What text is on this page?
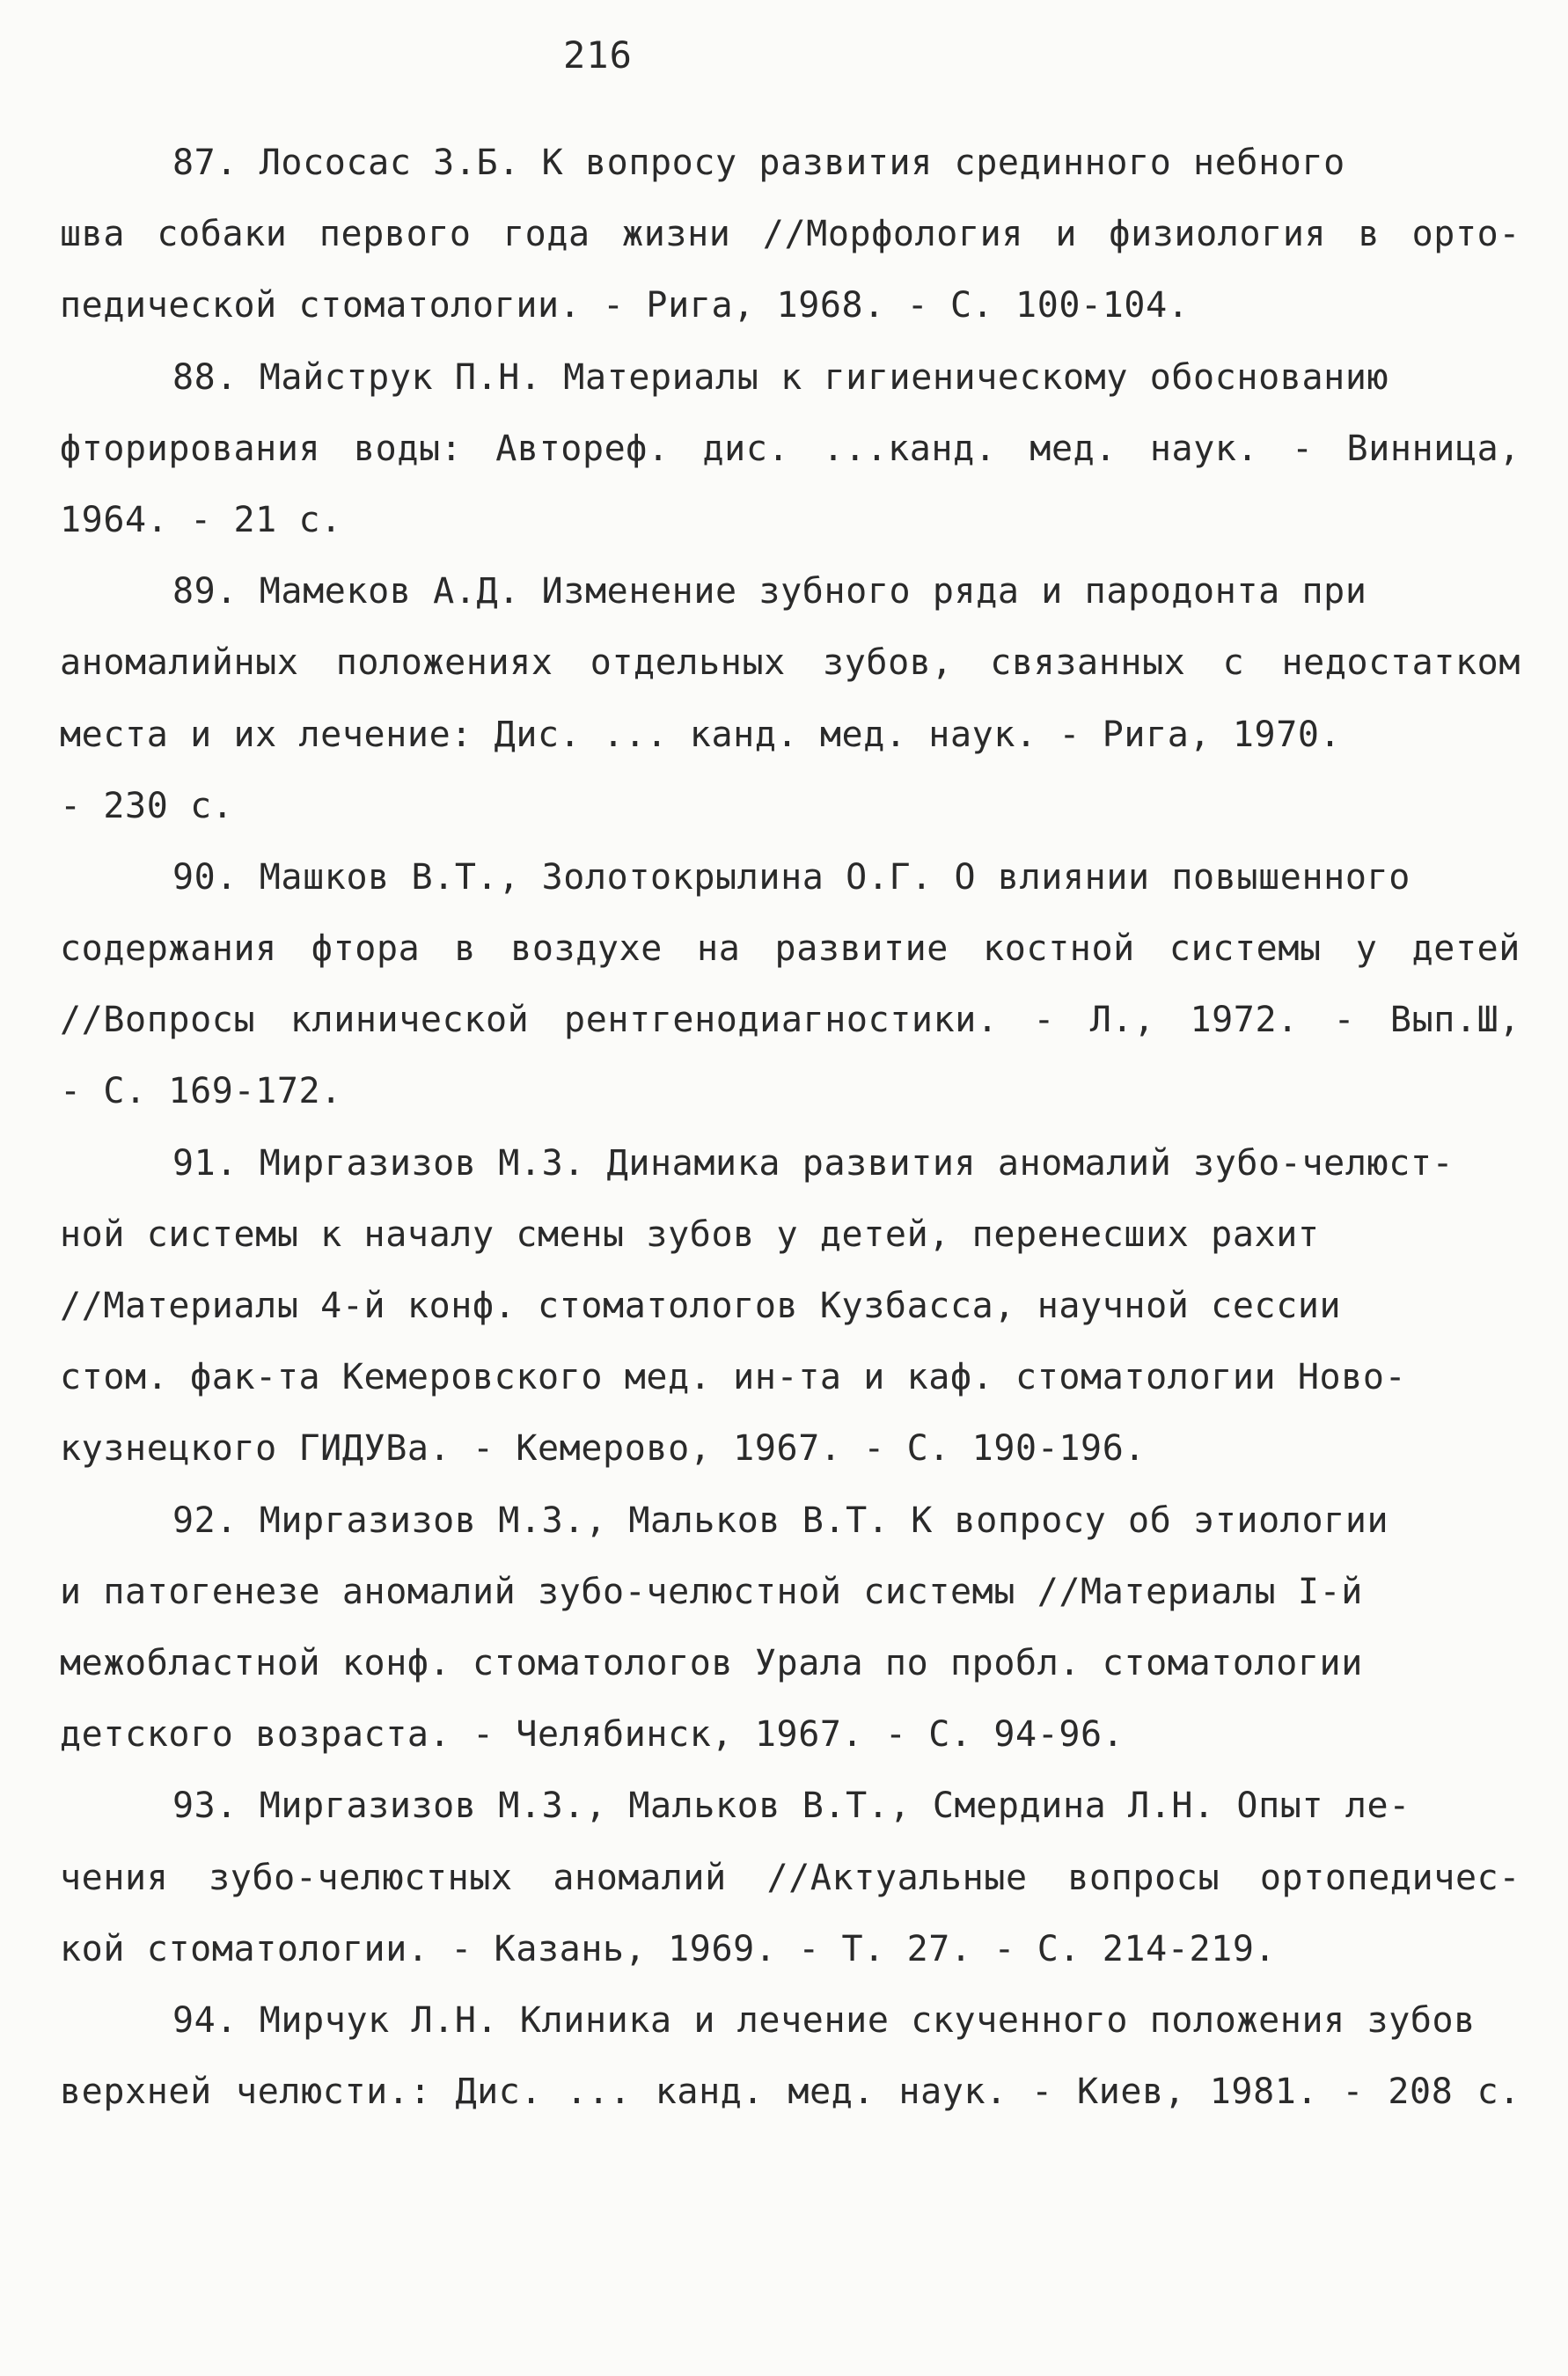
216
87. Лососас З.Б. К вопросу развития срединного небного
шва собаки первого года жизни //Морфология и физиология в орто-
педической стоматологии. - Рига, 1968. - С. 100-104.
88. Майструк П.Н. Материалы к гигиеническому обоснованию
фторирования воды: Автореф. дис. ...канд. мед. наук. - Винница,
1964. - 21 с.
89. Мамеков А.Д. Изменение зубного ряда и пародонта при
аномалийных положениях отдельных зубов, связанных с недостатком
места и их лечение: Дис. ... канд. мед. наук. - Рига, 1970.
- 230 с.
90. Машков В.Т., Золотокрылина О.Г. О влиянии повышенного
содержания фтора в воздухе на развитие костной системы у детей
//Вопросы клинической рентгенодиагностики. - Л., 1972. - Вып.Ш,
- С. 169-172.
91. Миргазизов М.З. Динамика развития аномалий зубо-челюст-
ной системы к началу смены зубов у детей, перенесших рахит
//Материалы 4-й конф. стоматологов Кузбасса, научной сессии
стом. фак-та Кемеровского мед. ин-та и каф. стоматологии Ново-
кузнецкого ГИДУВа. - Кемерово, 1967. - С. 190-196.
92. Миргазизов М.З., Мальков В.Т. К вопросу об этиологии
и патогенезе аномалий зубо-челюстной системы //Материалы I-й
межобластной конф. стоматологов Урала по пробл. стоматологии
детского возраста. - Челябинск, 1967. - С. 94-96.
93. Миргазизов М.З., Мальков В.Т., Смердина Л.Н. Опыт ле-
чения зубо-челюстных аномалий //Актуальные вопросы ортопедичес-
кой стоматологии. - Казань, 1969. - Т. 27. - С. 214-219.
94. Мирчук Л.Н. Клиника и лечение скученного положения зубов
верхней челюсти.: Дис. ... канд. мед. наук. - Киев, 1981. - 208 с.
